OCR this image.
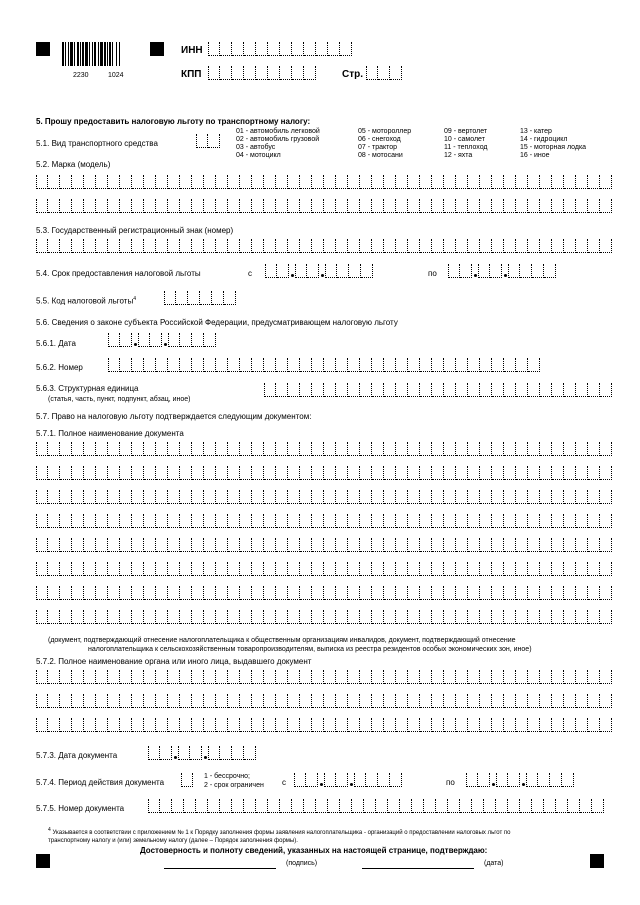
2230	1024
ИНН
КПП	Стр.
5. Прошу предоставить налоговую льготу по транспортному налогу:
5.1. Вид транспортного средства
01 - автомобиль легковой
02 - автомобиль грузовой
03 - автобус
04 - мотоцикл
05 - мотороллер
06 - снегоход
07 - трактор
08 - мотосани
09 - вертолет
10 - самолет
11 - теплоход
12 - яхта
13 - катер
14 - гидроцикл
15 - моторная лодка
16 - иное
5.2. Марка (модель)
5.3. Государственный регистрационный знак (номер)
5.4. Срок предоставления налоговой льготы	с	по
5.5. Код налоговой льготы$^4$
5.6. Сведения о законе субъекта Российской Федерации, предусматривающем налоговую льготу
5.6.1. Дата
5.6.2. Номер
5.6.3. Структурная единица
(статья, часть, пункт, подпункт, абзац, иное)
5.7. Право на налоговую льготу подтверждается следующим документом:
5.7.1. Полное наименование документа
(документ, подтверждающий отнесение налогоплательщика к общественным организациям инвалидов, документ, подтверждающий отнесение
налогоплательщика к сельскохозяйственным товаропроизводителям, выписка из реестра резидентов особых экономических зон, иное)
5.7.2. Полное наименование органа или иного лица, выдавшего документ
5.7.3. Дата документа
5.7.4. Период действия документа
1 - бессрочно;
2 - срок ограничен с	по
5.7.5. Номер документа
$^4$ Указывается в соответствии с приложением № 1 к Порядку заполнения формы заявления налогоплательщика - организаций о предоставлении налоговых льгот по
транспортному налогу и (или) земельному налогу (далее – Порядок заполнения формы).
Достоверность и полноту сведений, указанных на настоящей странице, подтверждаю:
(подпись)	(дата)
